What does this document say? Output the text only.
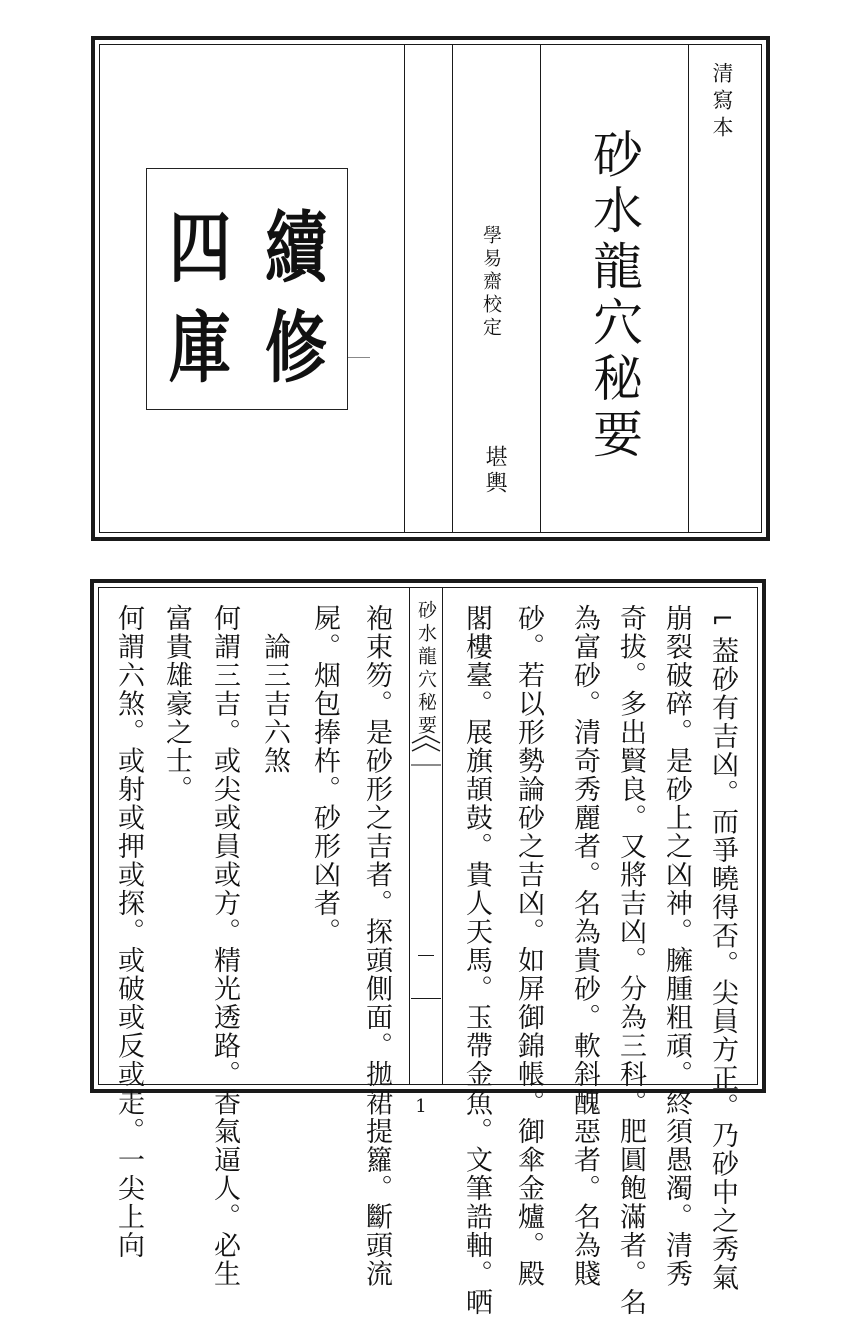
清寫本
砂水龍穴秘要
學易齋校定
堪輿
續
修
四
庫
砂水龍穴秘要	⌐葢砂有吉凶。而爭曉得否。尖員方正。乃砂中之秀氣
崩裂破碎。是砂上之凶神。臃腫粗頑。終須愚濁。清秀
奇拔。多出賢良。又將吉凶。分為三科。肥圓飽滿者。名
為富砂。清奇秀麗者。名為貴砂。軟斜醜惡者。名為賤
砂。若以形勢論砂之吉凶。如屏御錦帳。御傘金爐。殿
閣樓臺。展旗頡鼓。貴人天馬。玉帶金魚。文筆誥軸。晒
袍束笏。是砂形之吉者。探頭側面。拋裙提籮。斷頭流
屍。烟包捧杵。砂形凶者。
　論三吉六煞
何謂三吉。或尖或員或方。精光透路。香氣逼人。必生
富貴雄豪之士。
何謂六煞。或射或押或探。或破或反或走。一尖上向	1
